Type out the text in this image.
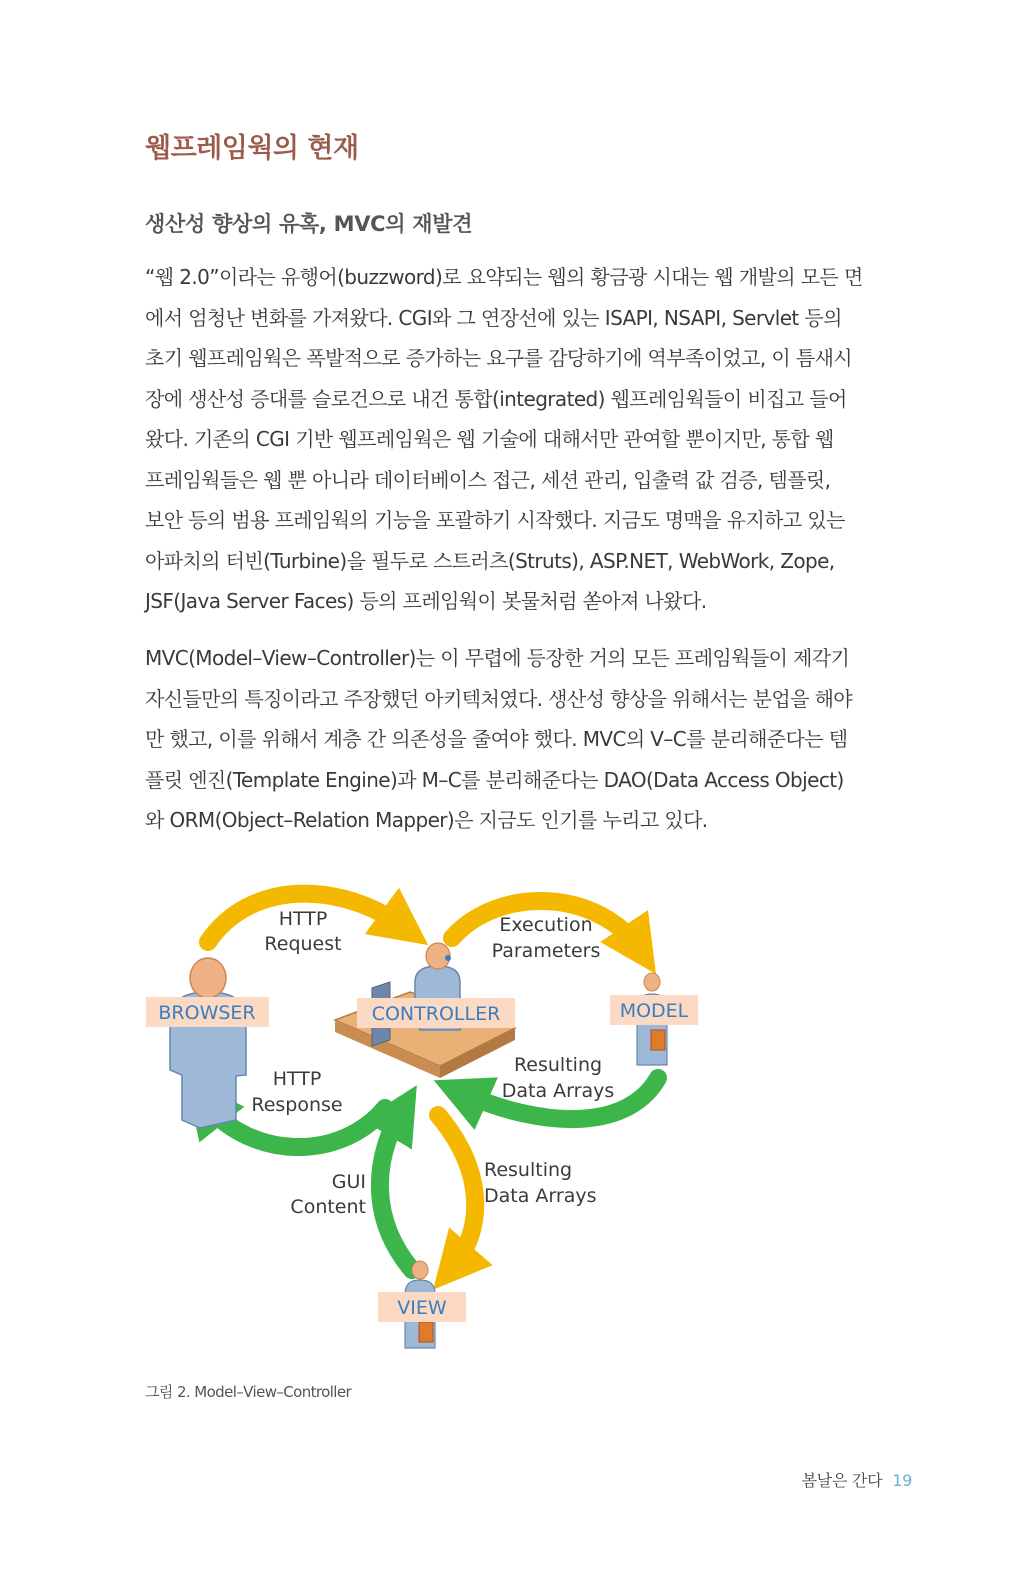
웹프레임웍의 현재
생산성 향상의 유혹, MVC의 재발견

“웹 2.0”이라는 유행어(buzzword)로 요약되는 웹의 황금광 시대는 웹 개발의 모든 면
에서 엄청난 변화를 가져왔다. CGI와 그 연장선에 있는 ISAPI, NSAPI, Servlet 등의
초기 웹프레임웍은 폭발적으로 증가하는 요구를 감당하기에 역부족이었고, 이 틈새시
장에 생산성 증대를 슬로건으로 내건 통합(integrated) 웹프레임웍들이 비집고 들어
왔다. 기존의 CGI 기반 웹프레임웍은 웹 기술에 대해서만 관여할 뿐이지만, 통합 웹
프레임웍들은 웹 뿐 아니라 데이터베이스 접근, 세션 관리, 입출력 값 검증, 템플릿,
보안 등의 범용 프레임웍의 기능을 포괄하기 시작했다. 지금도 명맥을 유지하고 있는
아파치의 터빈(Turbine)을 필두로 스트러츠(Struts), ASP.NET, WebWork, Zope,
JSF(Java Server Faces) 등의 프레임웍이 봇물처럼 쏟아져 나왔다.

MVC(Model–View–Controller)는 이 무렵에 등장한 거의 모든 프레임웍들이 제각기
자신들만의 특징이라고 주장했던 아키텍처였다. 생산성 향상을 위해서는 분업을 해야
만 했고, 이를 위해서 계층 간 의존성을 줄여야 했다. MVC의 V–C를 분리해준다는 템
플릿 엔진(Template Engine)과 M–C를 분리해준다는 DAO(Data Access Object)
와 ORM(Object–Relation Mapper)은 지금도 인기를 누리고 있다.

BROWSER	CONTROLLER	MODEL
VIEW
HTTP
Request
Execution
Parameters
Resulting
Data Arrays
HTTP
Response
Resulting
Data Arrays
GUI
Content

그림 2. Model–View–Controller

봄날은 간다 19
